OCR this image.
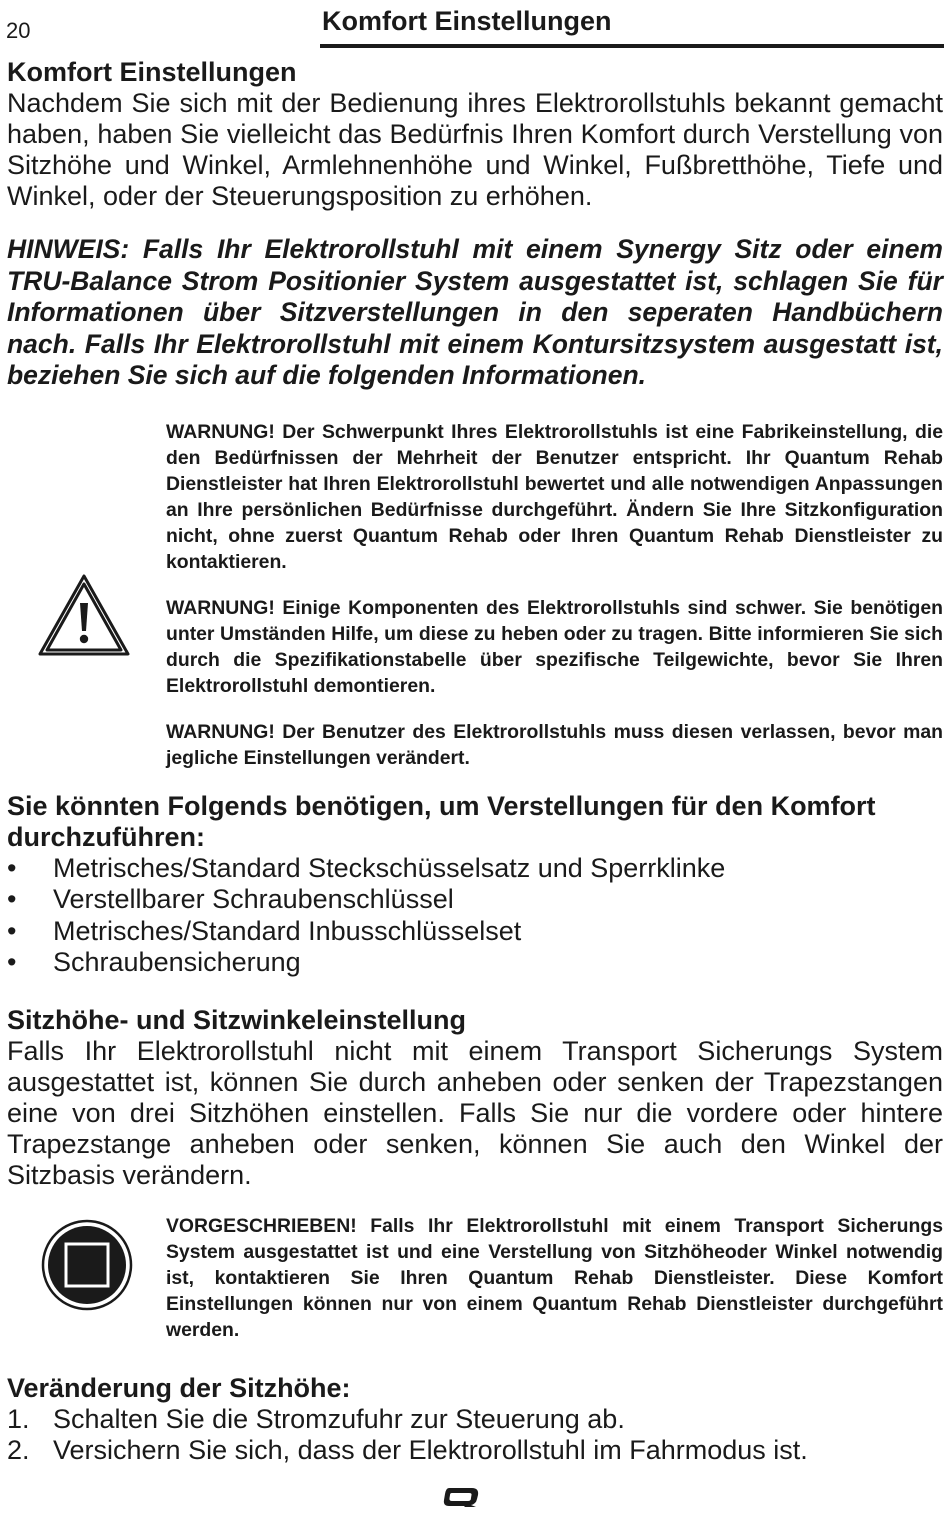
20	Komfort Einstellungen
Komfort Einstellungen

Nachdem Sie sich mit der Bedienung ihres Elektrorollstuhls bekannt gemacht haben, haben Sie vielleicht das Bedürfnis Ihren Komfort durch Verstellung von Sitzhöhe und Winkel, Armlehnenhöhe und Winkel, Fußbretthöhe, Tiefe und Winkel, oder der Steuerungsposition zu erhöhen.

HINWEIS: Falls Ihr Elektrorollstuhl mit einem Synergy Sitz oder einem TRU-Balance Strom Positionier System ausgestattet ist, schlagen Sie für Informationen über Sitzverstellungen in den seperaten Handbüchern nach. Falls Ihr Elektrorollstuhl mit einem Kontursitzsystem ausgestatt ist, beziehen Sie sich auf die folgenden Informationen.

WARNUNG! Der Schwerpunkt Ihres Elektrorollstuhls ist eine Fabrikeinstellung, die den Bedürfnissen der Mehrheit der Benutzer entspricht. Ihr Quantum Rehab Dienstleister hat Ihren Elektrorollstuhl bewertet und alle notwendigen Anpassungen an Ihre persönlichen Bedürfnisse durchgeführt. Ändern Sie Ihre Sitzkonfiguration nicht, ohne zuerst Quantum Rehab oder Ihren Quantum Rehab Dienstleister zu kontaktieren.

WARNUNG! Einige Komponenten des Elektrorollstuhls sind schwer. Sie benötigen unter Umständen Hilfe, um diese zu heben oder zu tragen. Bitte informieren Sie sich durch die Spezifikationstabelle über spezifische Teilgewichte, bevor Sie Ihren Elektrorollstuhl demontieren.

WARNUNG! Der Benutzer des Elektrorollstuhls muss diesen verlassen, bevor man jegliche Einstellungen verändert.

Sie könnten Folgends benötigen, um Verstellungen für den Komfort durchzuführen:
• Metrisches/Standard Steckschüsselsatz und Sperrklinke
• Verstellbarer Schraubenschlüssel
• Metrisches/Standard Inbusschlüsselset
• Schraubensicherung
Sitzhöhe- und Sitzwinkeleinstellung

Falls Ihr Elektrorollstuhl nicht mit einem Transport Sicherungs System ausgestattet ist, können Sie durch anheben oder senken der Trapezstangen eine von drei Sitzhöhen einstellen. Falls Sie nur die vordere oder hintere Trapezstange anheben oder senken, können Sie auch den Winkel der Sitzbasis verändern.

VORGESCHRIEBEN! Falls Ihr Elektrorollstuhl mit einem Transport Sicherungs System ausgestattet ist und eine Verstellung von Sitzhöheoder Winkel notwendig ist, kontaktieren Sie Ihren Quantum Rehab Dienstleister. Diese Komfort Einstellungen können nur von einem Quantum Rehab Dienstleister durchgeführt werden.

Veränderung der Sitzhöhe:
1. Schalten Sie die Stromzufuhr zur Steuerung ab.
2. Versichern Sie sich, dass der Elektrorollstuhl im Fahrmodus ist.
